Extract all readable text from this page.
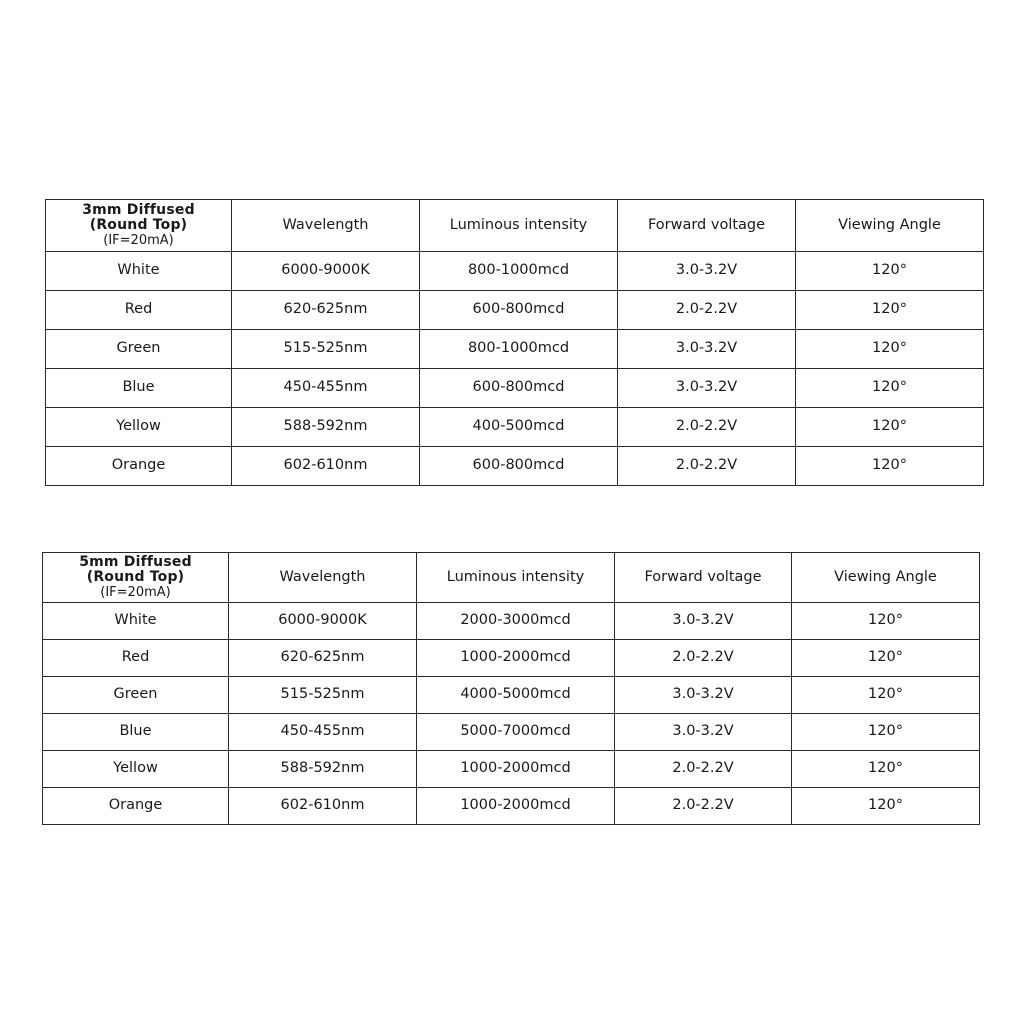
3mm Diffused
(Round Top)
(IF=20mA)	Wavelength	Luminous intensity	Forward voltage	Viewing Angle
White	6000-9000K	800-1000mcd	3.0-3.2V	120°
Red	620-625nm	600-800mcd	2.0-2.2V	120°
Green	515-525nm	800-1000mcd	3.0-3.2V	120°
Blue	450-455nm	600-800mcd	3.0-3.2V	120°
Yellow	588-592nm	400-500mcd	2.0-2.2V	120°
Orange	602-610nm	600-800mcd	2.0-2.2V	120°
5mm Diffused
(Round Top)
(IF=20mA)	Wavelength	Luminous intensity	Forward voltage	Viewing Angle
White	6000-9000K	2000-3000mcd	3.0-3.2V	120°
Red	620-625nm	1000-2000mcd	2.0-2.2V	120°
Green	515-525nm	4000-5000mcd	3.0-3.2V	120°
Blue	450-455nm	5000-7000mcd	3.0-3.2V	120°
Yellow	588-592nm	1000-2000mcd	2.0-2.2V	120°
Orange	602-610nm	1000-2000mcd	2.0-2.2V	120°
